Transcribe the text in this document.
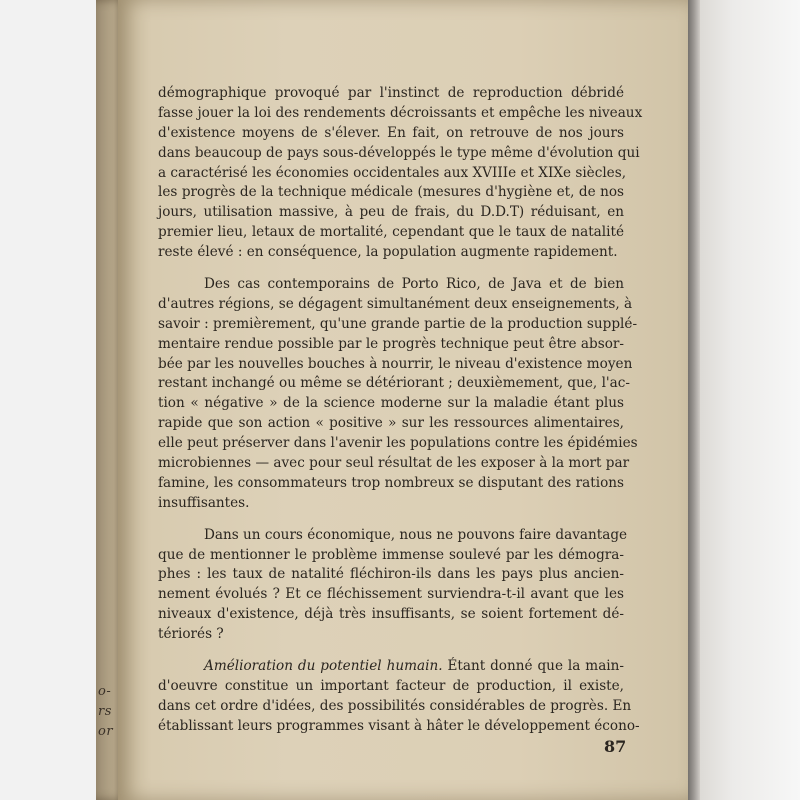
o-
rs
or
démographique provoqué par l'instinct de reproduction débridé
fasse jouer la loi des rendements décroissants et empêche les niveaux
d'existence moyens de s'élever. En fait, on retrouve de nos jours
dans beaucoup de pays sous-développés le type même d'évolution qui
a caractérisé les économies occidentales aux XVIIIe et XIXe siècles,
les progrès de la technique médicale (mesures d'hygiène et, de nos
jours, utilisation massive, à peu de frais, du D.D.T) réduisant, en
premier lieu, letaux de mortalité, cependant que le taux de natalité
reste élevé : en conséquence, la population augmente rapidement.
Des cas contemporains de Porto Rico, de Java et de bien
d'autres régions, se dégagent simultanément deux enseignements, à
savoir : premièrement, qu'une grande partie de la production supplé-
mentaire rendue possible par le progrès technique peut être absor-
bée par les nouvelles bouches à nourrir, le niveau d'existence moyen
restant inchangé ou même se détériorant ; deuxièmement, que, l'ac-
tion « négative » de la science moderne sur la maladie étant plus
rapide que son action « positive » sur les ressources alimentaires,
elle peut préserver dans l'avenir les populations contre les épidémies
microbiennes — avec pour seul résultat de les exposer à la mort par
famine, les consommateurs trop nombreux se disputant des rations
insuffisantes.
Dans un cours économique, nous ne pouvons faire davantage
que de mentionner le problème immense soulevé par les démogra-
phes : les taux de natalité fléchiron-ils dans les pays plus ancien-
nement évolués ? Et ce fléchissement surviendra-t-il avant que les
niveaux d'existence, déjà très insuffisants, se soient fortement dé-
tériorés ?
Amélioration du potentiel humain. Étant donné que la main-
d'oeuvre constitue un important facteur de production, il existe,
dans cet ordre d'idées, des possibilités considérables de progrès. En
établissant leurs programmes visant à hâter le développement écono-
87
